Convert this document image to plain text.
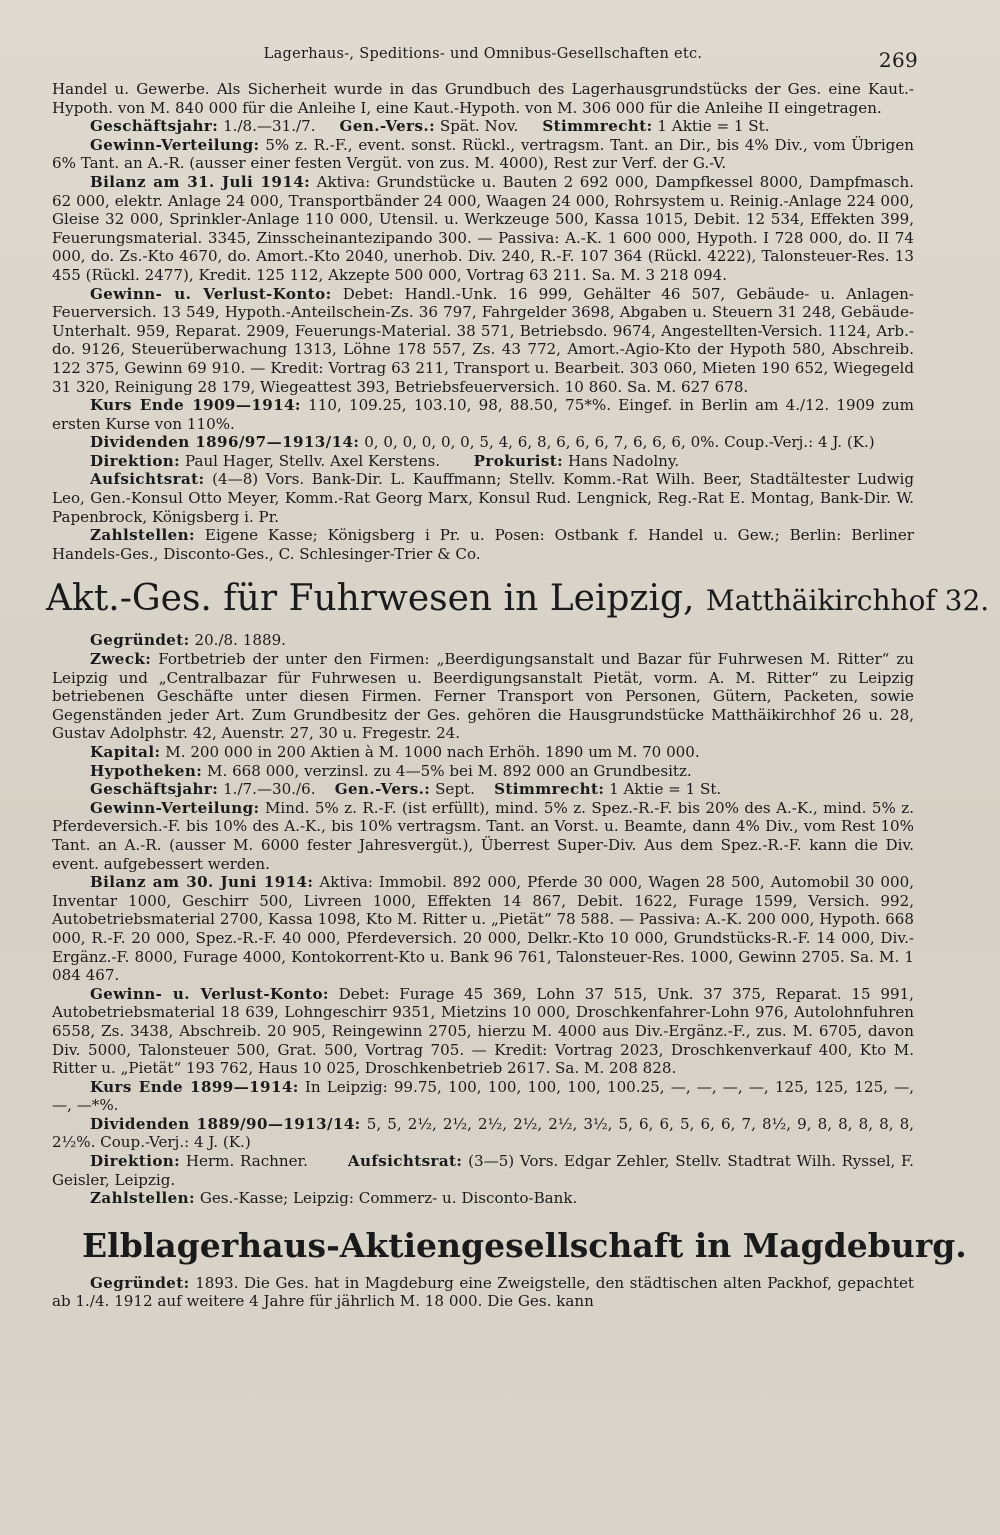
Lagerhaus-, Speditions- und Omnibus-Gesellschaften etc.	269

Handel u. Gewerbe. Als Sicherheit wurde in das Grundbuch des Lagerhausgrundstücks der Ges. eine Kaut.-Hypoth. von M. 840 000 für die Anleihe I, eine Kaut.-Hypoth. von M. 306 000 für die Anleihe II eingetragen.

Geschäftsjahr: 1./8.—31./7. Gen.-Vers.: Spät. Nov. Stimmrecht: 1 Aktie = 1 St.

Gewinn-Verteilung: 5% z. R.-F., event. sonst. Rückl., vertragsm. Tant. an Dir., bis 4% Div., vom Übrigen 6% Tant. an A.-R. (ausser einer festen Vergüt. von zus. M. 4000), Rest zur Verf. der G.-V.

Bilanz am 31. Juli 1914: Aktiva: Grundstücke u. Bauten 2 692 000, Dampfkessel 8000, Dampfmasch. 62 000, elektr. Anlage 24 000, Transportbänder 24 000, Waagen 24 000, Rohrsystem u. Reinig.-Anlage 224 000, Gleise 32 000, Sprinkler-Anlage 110 000, Utensil. u. Werkzeuge 500, Kassa 1015, Debit. 12 534, Effekten 399, Feuerungsmaterial. 3345, Zinsscheinantezipando 300. — Passiva: A.-K. 1 600 000, Hypoth. I 728 000, do. II 74 000, do. Zs.-Kto 4670, do. Amort.-Kto 2040, unerhob. Div. 240, R.-F. 107 364 (Rückl. 4222), Talonsteuer-Res. 13 455 (Rückl. 2477), Kredit. 125 112, Akzepte 500 000, Vortrag 63 211. Sa. M. 3 218 094.

Gewinn- u. Verlust-Konto: Debet: Handl.-Unk. 16 999, Gehälter 46 507, Gebäude- u. Anlagen-Feuerversich. 13 549, Hypoth.-Anteilschein-Zs. 36 797, Fahrgelder 3698, Abgaben u. Steuern 31 248, Gebäude-Unterhalt. 959, Reparat. 2909, Feuerungs-Material. 38 571, Betriebsdo. 9674, Angestellten-Versich. 1124, Arb.- do. 9126, Steuerüberwachung 1313, Löhne 178 557, Zs. 43 772, Amort.-Agio-Kto der Hypoth 580, Abschreib. 122 375, Gewinn 69 910. — Kredit: Vortrag 63 211, Transport u. Bearbeit. 303 060, Mieten 190 652, Wiegegeld 31 320, Reinigung 28 179, Wiegeattest 393, Betriebsfeuerversich. 10 860. Sa. M. 627 678.

Kurs Ende 1909—1914: 110, 109.25, 103.10, 98, 88.50, 75*%. Eingef. in Berlin am 4./12. 1909 zum ersten Kurse von 110%.

Dividenden 1896/97—1913/14: 0, 0, 0, 0, 0, 0, 5, 4, 6, 8, 6, 6, 6, 7, 6, 6, 6, 0%. Coup.-Verj.: 4 J. (K.)

Direktion: Paul Hager, Stellv. Axel Kerstens. Prokurist: Hans Nadolny.

Aufsichtsrat: (4—8) Vors. Bank-Dir. L. Kauffmann; Stellv. Komm.-Rat Wilh. Beer, Stadtältester Ludwig Leo, Gen.-Konsul Otto Meyer, Komm.-Rat Georg Marx, Konsul Rud. Lengnick, Reg.-Rat E. Montag, Bank-Dir. W. Papenbrock, Königsberg i. Pr.

Zahlstellen: Eigene Kasse; Königsberg i Pr. u. Posen: Ostbank f. Handel u. Gew.; Berlin: Berliner Handels-Ges., Disconto-Ges., C. Schlesinger-Trier & Co.

Akt.-Ges. für Fuhrwesen in Leipzig, Matthäikirchhof 32.

Gegründet: 20./8. 1889.

Zweck: Fortbetrieb der unter den Firmen: „Beerdigungsanstalt und Bazar für Fuhrwesen M. Ritter“ zu Leipzig und „Centralbazar für Fuhrwesen u. Beerdigungsanstalt Pietät, vorm. A. M. Ritter“ zu Leipzig betriebenen Geschäfte unter diesen Firmen. Ferner Transport von Personen, Gütern, Packeten, sowie Gegenständen jeder Art. Zum Grundbesitz der Ges. gehören die Hausgrundstücke Matthäikirchhof 26 u. 28, Gustav Adolphstr. 42, Auenstr. 27, 30 u. Fregestr. 24.

Kapital: M. 200 000 in 200 Aktien à M. 1000 nach Erhöh. 1890 um M. 70 000.

Hypotheken: M. 668 000, verzinsl. zu 4—5% bei M. 892 000 an Grundbesitz.

Geschäftsjahr: 1./7.—30./6. Gen.-Vers.: Sept. Stimmrecht: 1 Aktie = 1 St.

Gewinn-Verteilung: Mind. 5% z. R.-F. (ist erfüllt), mind. 5% z. Spez.-R.-F. bis 20% des A.-K., mind. 5% z. Pferdeversich.-F. bis 10% des A.-K., bis 10% vertragsm. Tant. an Vorst. u. Beamte, dann 4% Div., vom Rest 10% Tant. an A.-R. (ausser M. 6000 fester Jahresvergüt.), Überrest Super-Div. Aus dem Spez.-R.-F. kann die Div. event. aufgebessert werden.

Bilanz am 30. Juni 1914: Aktiva: Immobil. 892 000, Pferde 30 000, Wagen 28 500, Automobil 30 000, Inventar 1000, Geschirr 500, Livreen 1000, Effekten 14 867, Debit. 1622, Furage 1599, Versich. 992, Autobetriebsmaterial 2700, Kassa 1098, Kto M. Ritter u. „Pietät“ 78 588. — Passiva: A.-K. 200 000, Hypoth. 668 000, R.-F. 20 000, Spez.-R.-F. 40 000, Pferdeversich. 20 000, Delkr.-Kto 10 000, Grundstücks-R.-F. 14 000, Div.-Ergänz.-F. 8000, Furage 4000, Kontokorrent-Kto u. Bank 96 761, Talonsteuer-Res. 1000, Gewinn 2705. Sa. M. 1 084 467.

Gewinn- u. Verlust-Konto: Debet: Furage 45 369, Lohn 37 515, Unk. 37 375, Reparat. 15 991, Autobetriebsmaterial 18 639, Lohngeschirr 9351, Mietzins 10 000, Droschkenfahrer-Lohn 976, Autolohnfuhren 6558, Zs. 3438, Abschreib. 20 905, Reingewinn 2705, hierzu M. 4000 aus Div.-Ergänz.-F., zus. M. 6705, davon Div. 5000, Talonsteuer 500, Grat. 500, Vortrag 705. — Kredit: Vortrag 2023, Droschkenverkauf 400, Kto M. Ritter u. „Pietät“ 193 762, Haus 10 025, Droschkenbetrieb 2617. Sa. M. 208 828.

Kurs Ende 1899—1914: In Leipzig: 99.75, 100, 100, 100, 100, 100.25, —, —, —, —, 125, 125, 125, —, —, —*%.

Dividenden 1889/90—1913/14: 5, 5, 2½, 2½, 2½, 2½, 2½, 3½, 5, 6, 6, 5, 6, 6, 7, 8½, 9, 8, 8, 8, 8, 8, 2½%. Coup.-Verj.: 4 J. (K.)

Direktion: Herm. Rachner.	Aufsichtsrat: (3—5) Vors. Edgar Zehler, Stellv. Stadtrat Wilh. Ryssel, F. Geisler, Leipzig.

Zahlstellen: Ges.-Kasse; Leipzig: Commerz- u. Disconto-Bank.

Elblagerhaus-Aktiengesellschaft in Magdeburg.

Gegründet: 1893. Die Ges. hat in Magdeburg eine Zweigstelle, den städtischen alten Packhof, gepachtet ab 1./4. 1912 auf weitere 4 Jahre für jährlich M. 18 000. Die Ges. kann
